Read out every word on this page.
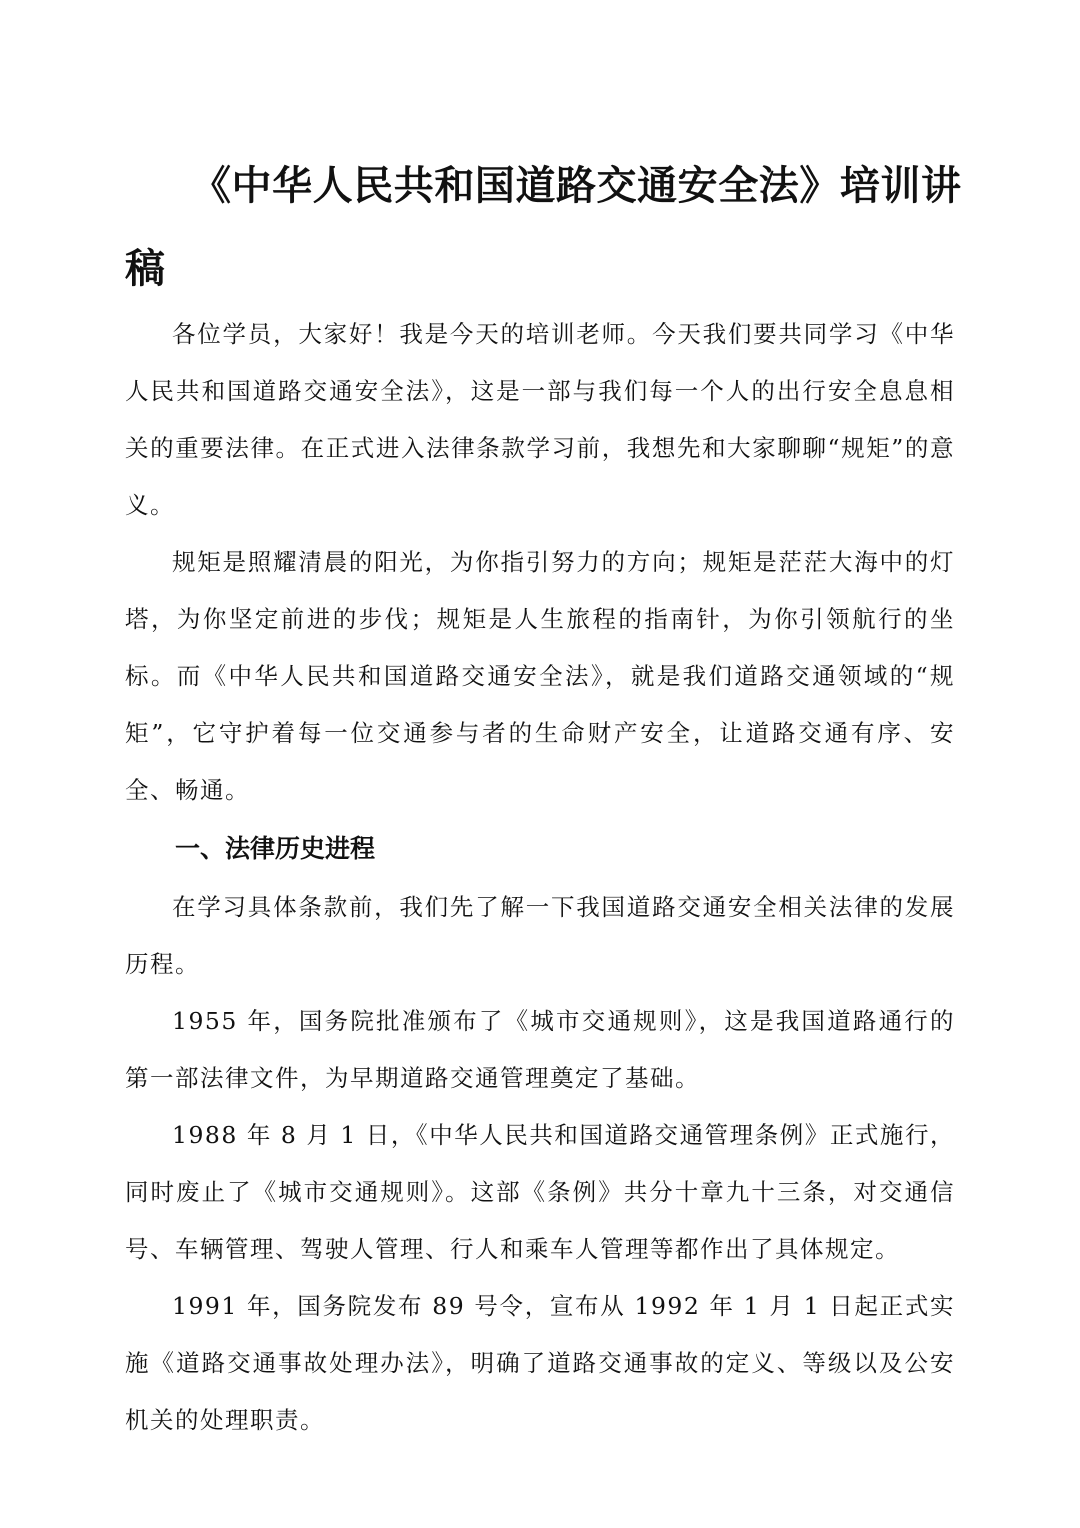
《中华人民共和国道路交通安全法》培训讲稿

各位学员，大家好！我是今天的培训老师。今天我们要共同学习《中华人民共和国道路交通安全法》，这是一部与我们每一个人的出行安全息息相关的重要法律。在正式进入法律条款学习前，我想先和大家聊聊“规矩”的意义。

规矩是照耀清晨的阳光，为你指引努力的方向；规矩是茫茫大海中的灯塔，为你坚定前进的步伐；规矩是人生旅程的指南针，为你引领航行的坐标。而《中华人民共和国道路交通安全法》，就是我们道路交通领域的“规矩”，它守护着每一位交通参与者的生命财产安全，让道路交通有序、安全、畅通。

一、法律历史进程

在学习具体条款前，我们先了解一下我国道路交通安全相关法律的发展历程。

1955 年，国务院批准颁布了《城市交通规则》，这是我国道路通行的第一部法律文件，为早期道路交通管理奠定了基础。

1988 年 8 月 1 日，《中华人民共和国道路交通管理条例》正式施行，同时废止了《城市交通规则》。这部《条例》共分十章九十三条，对交通信号、车辆管理、驾驶人管理、行人和乘车人管理等都作出了具体规定。

1991 年，国务院发布 89 号令，宣布从 1992 年 1 月 1 日起正式实施《道路交通事故处理办法》，明确了道路交通事故的定义、等级以及公安机关的处理职责。
